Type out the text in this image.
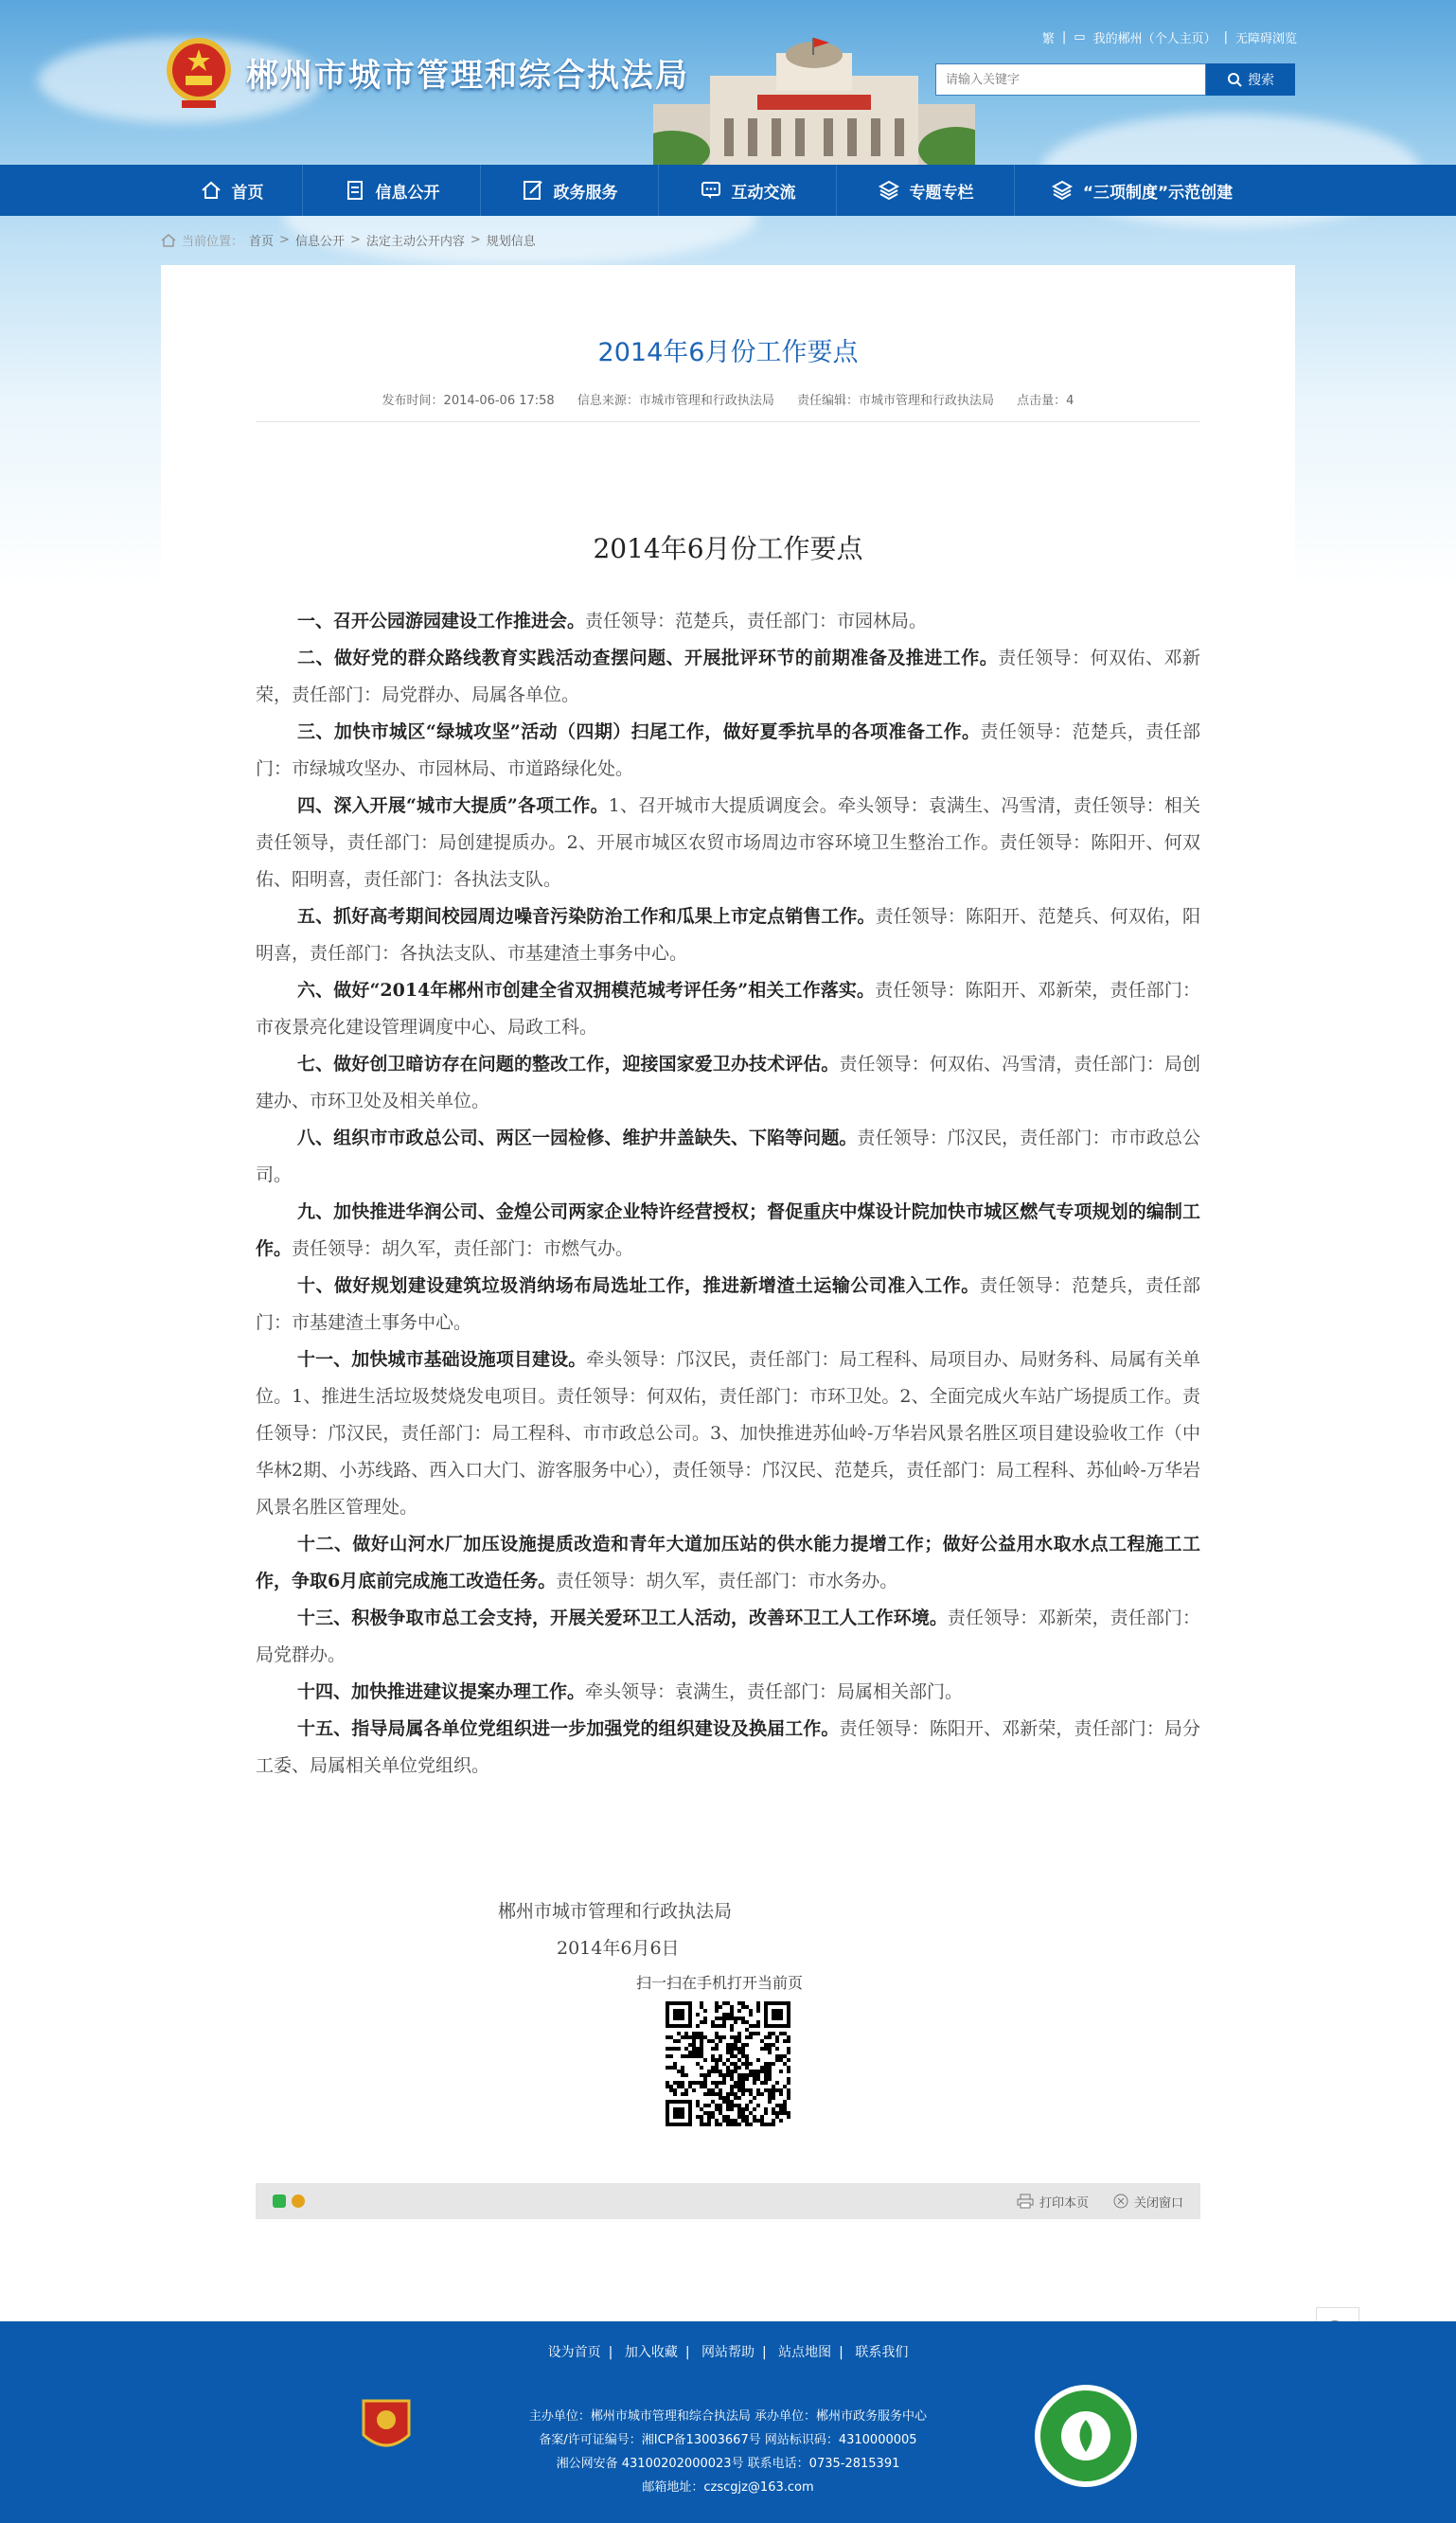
郴州市城市管理和综合执法局
繁 | ▭ 我的郴州（个人主页） | 无障碍浏览
请输入关键字
搜索
首页	信息公开	政务服务	互动交流	专题专栏	“三项制度”示范创建
当前位置： 首页 > 信息公开 > 法定主动公开内容 > 规划信息
2014年6月份工作要点
发布时间：2014-06-06 17:58 信息来源：市城市管理和行政执法局 责任编辑：市城市管理和行政执法局 点击量：4
2014年6月份工作要点

一、召开公园游园建设工作推进会。责任领导：范楚兵，责任部门：市园林局。

二、做好党的群众路线教育实践活动查摆问题、开展批评环节的前期准备及推进工作。责任领导：何双佑、邓新荣，责任部门：局党群办、局属各单位。

三、加快市城区“绿城攻坚”活动（四期）扫尾工作，做好夏季抗旱的各项准备工作。责任领导：范楚兵，责任部门：市绿城攻坚办、市园林局、市道路绿化处。

四、深入开展“城市大提质”各项工作。1、召开城市大提质调度会。牵头领导：袁满生、冯雪清，责任领导：相关责任领导，责任部门：局创建提质办。2、开展市城区农贸市场周边市容环境卫生整治工作。责任领导：陈阳开、何双佑、阳明喜，责任部门：各执法支队。

五、抓好高考期间校园周边噪音污染防治工作和瓜果上市定点销售工作。责任领导：陈阳开、范楚兵、何双佑，阳明喜，责任部门：各执法支队、市基建渣土事务中心。

六、做好“2014年郴州市创建全省双拥模范城考评任务”相关工作落实。责任领导：陈阳开、邓新荣，责任部门：市夜景亮化建设管理调度中心、局政工科。

七、做好创卫暗访存在问题的整改工作，迎接国家爱卫办技术评估。责任领导：何双佑、冯雪清，责任部门：局创建办、市环卫处及相关单位。

八、组织市市政总公司、两区一园检修、维护井盖缺失、下陷等问题。责任领导：邝汉民，责任部门：市市政总公司。

九、加快推进华润公司、金煌公司两家企业特许经营授权；督促重庆中煤设计院加快市城区燃气专项规划的编制工作。责任领导：胡久军，责任部门：市燃气办。

十、做好规划建设建筑垃圾消纳场布局选址工作，推进新增渣土运输公司准入工作。责任领导：范楚兵，责任部门：市基建渣土事务中心。

十一、加快城市基础设施项目建设。牵头领导：邝汉民，责任部门：局工程科、局项目办、局财务科、局属有关单位。1、推进生活垃圾焚烧发电项目。责任领导：何双佑，责任部门：市环卫处。2、全面完成火车站广场提质工作。责任领导：邝汉民，责任部门：局工程科、市市政总公司。3、加快推进苏仙岭-万华岩风景名胜区项目建设验收工作（中华林2期、小苏线路、西入口大门、游客服务中心），责任领导：邝汉民、范楚兵，责任部门：局工程科、苏仙岭-万华岩风景名胜区管理处。

十二、做好山河水厂加压设施提质改造和青年大道加压站的供水能力提增工作；做好公益用水取水点工程施工工作，争取6月底前完成施工改造任务。责任领导：胡久军，责任部门：市水务办。

十三、积极争取市总工会支持，开展关爱环卫工人活动，改善环卫工人工作环境。责任领导：邓新荣，责任部门：局党群办。

十四、加快推进建议提案办理工作。牵头领导：袁满生，责任部门：局属相关部门。

十五、指导局属各单位党组织进一步加强党的组织建设及换届工作。责任领导：陈阳开、邓新荣，责任部门：局分工委、局属相关单位党组织。

郴州市城市管理和行政执法局
2014年6月6日
扫一扫在手机打开当前页
打印本页	关闭窗口
设为首页 | 加入收藏 | 网站帮助 | 站点地图 | 联系我们
主办单位：郴州市城市管理和综合执法局 承办单位：郴州市政务服务中心
备案/许可证编号：湘ICP备13003667号 网站标识码：4310000005
湘公网安备 43100202000023号 联系电话：0735-2815391
邮箱地址：czscgjz@163.com
